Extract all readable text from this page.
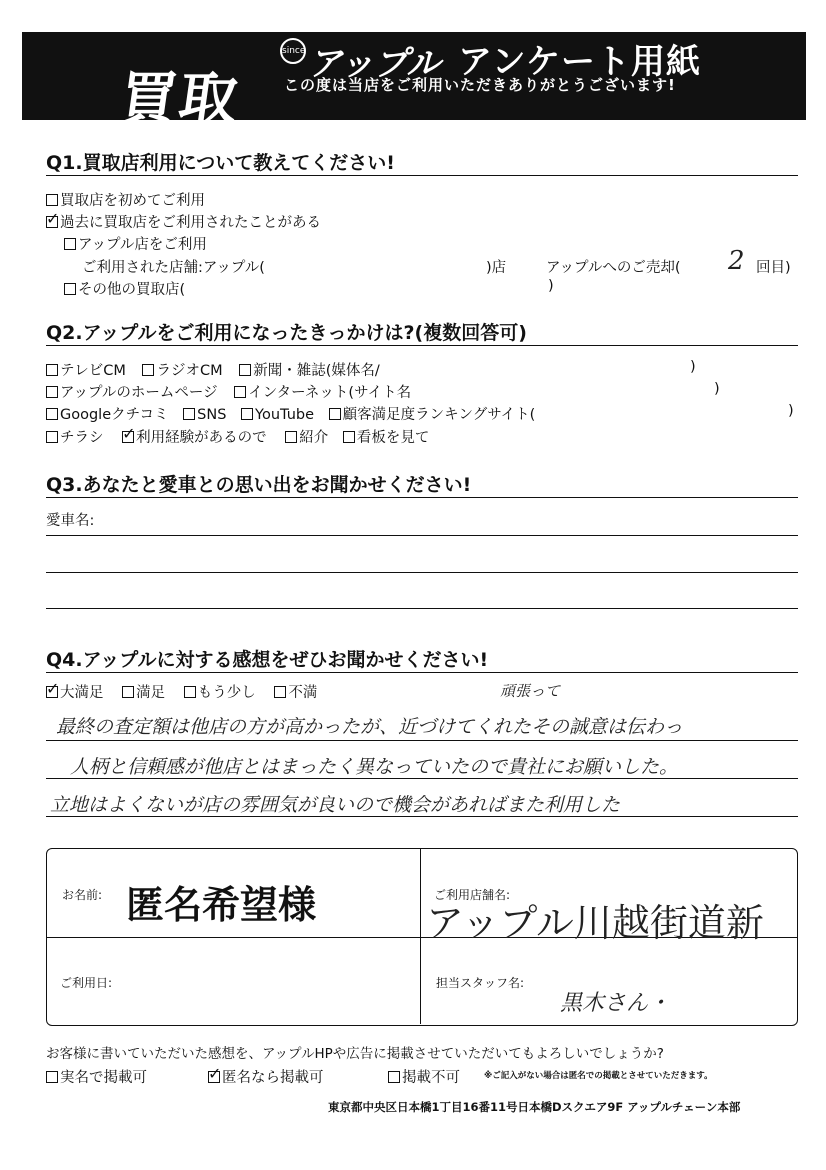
買取
since アップル アンケート用紙
この度は当店をご利用いただきありがとうございます!
Q1.買取店利用について教えてください!
買取店を初めてご利用
✓ 過去に買取店をご利用されたことがある
アップル店をご利用
ご利用された店舗:アップル(	)店	アップルへのご売却( 2 回目)
その他の買取店(	)
Q2.アップルをご利用になったきっかけは?(複数回答可)
テレビCM ラジオCM 新聞・雑誌(媒体名/	)
アップルのホームページ インターネット(サイト名	)
Googleクチコミ SNS YouTube 顧客満足度ランキングサイト(	)
チラシ ✓ 利用経験があるので 紹介 看板を見て
Q3.あなたと愛車との思い出をお聞かせください!
愛車名:
Q4.アップルに対する感想をぜひお聞かせください!
✓ 大満足 満足 もう少し 不満	頑張って
最終の査定額は他店の方が高かったが、近づけてくれたその誠意は伝わっ
人柄と信頼感が他店とはまったく異なっていたので貴社にお願いした。
立地はよくないが店の雰囲気が良いので機会があればまた利用した
お名前: 匿名希望様	ご利用店舗名:
アップル川越街道新
ご利用日:	担当スタッフ名:
黒木さん・
お客様に書いていただいた感想を、アップルHPや広告に掲載させていただいてもよろしいでしょうか?
実名で掲載可	✓ 匿名なら掲載可	掲載不可	※ご記入がない場合は匿名での掲載とさせていただきます。
東京都中央区日本橋1丁目16番11号日本橋Dスクエア9F アップルチェーン本部
